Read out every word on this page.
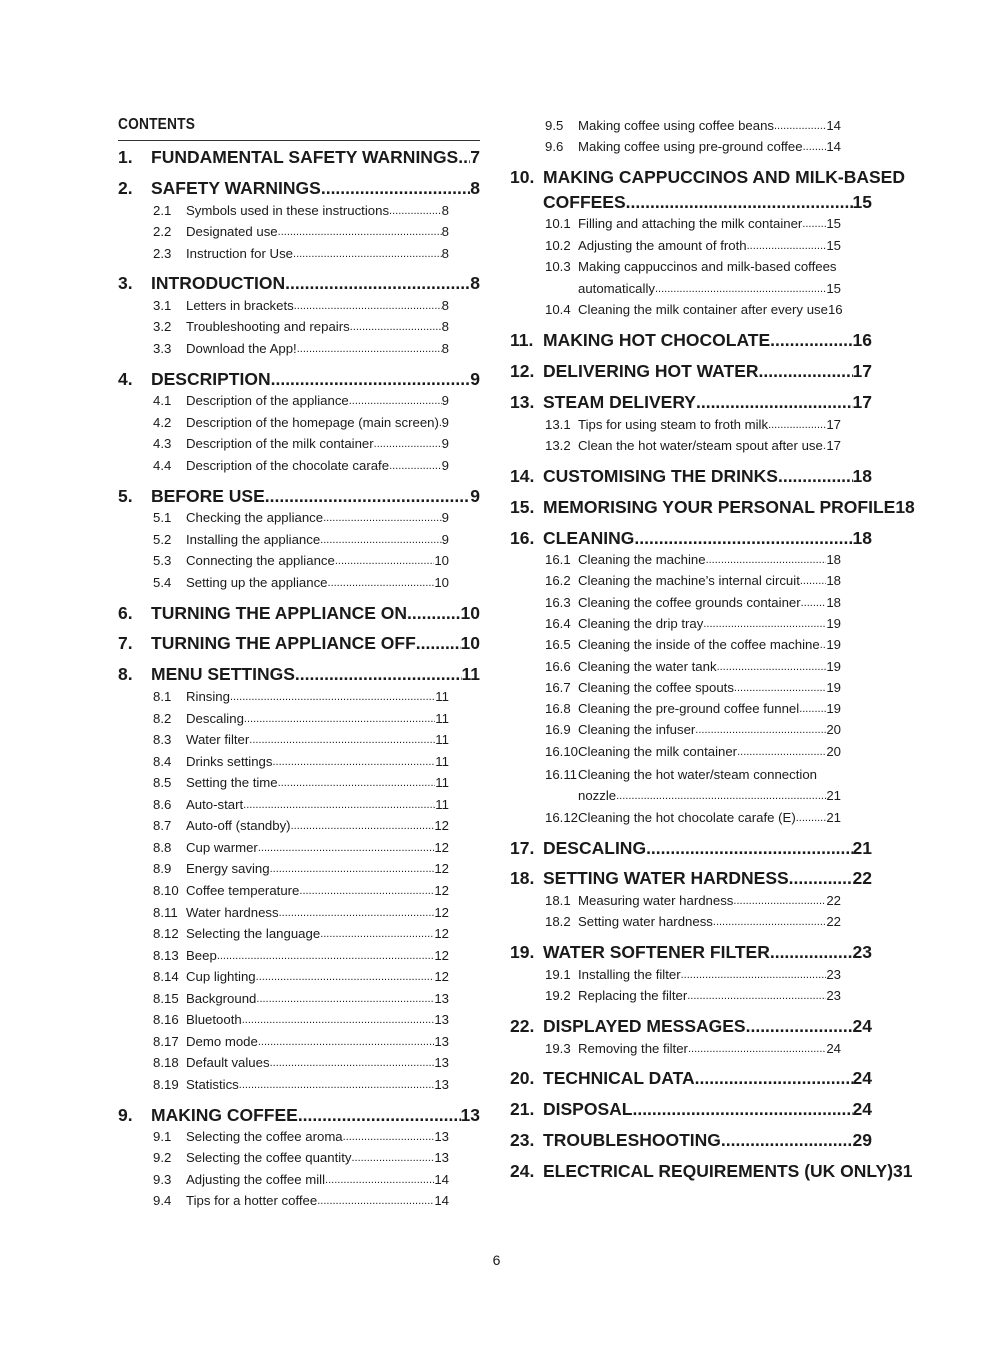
CONTENTS
1. FUNDAMENTAL SAFETY WARNINGS ..... 7
2. SAFETY WARNINGS .....	8
2.1 Symbols used in these instructions .....	8
2.2 Designated use .....	8
2.3 Instruction for Use .....	8
3. INTRODUCTION .....	8
3.1 Letters in brackets .....	8
3.2 Troubleshooting and repairs .....	8
3.3 Download the App! .....	8
4. DESCRIPTION .....	9
4.1 Description of the appliance .....	9
4.2 Description of the homepage (main screen) ..... 9
4.3 Description of the milk container .....	9
4.4 Description of the chocolate carafe .....	9
5. BEFORE USE .....	9
5.1 Checking the appliance .....	9
5.2 Installing the appliance .....	9
5.3 Connecting the appliance .....	10
5.4 Setting up the appliance .....	10
6. TURNING THE APPLIANCE ON .....	10
7. TURNING THE APPLIANCE OFF .....	10
8. MENU SETTINGS .....	11
8.1 Rinsing .....	11
8.2 Descaling .....	11
8.3 Water filter .....	11
8.4 Drinks settings .....	11
8.5 Setting the time .....	11
8.6 Auto-start .....	11
8.7 Auto-off (standby) .....	12
8.8 Cup warmer .....	12
8.9 Energy saving .....	12
8.10 Coffee temperature .....	12
8.11 Water hardness .....	12
8.12 Selecting the language .....	12
8.13 Beep .....	12
8.14 Cup lighting .....	12
8.15 Background .....	13
8.16 Bluetooth .....	13
8.17 Demo mode .....	13
8.18 Default values .....	13
8.19 Statistics .....	13
9. MAKING COFFEE .....	13
9.1 Selecting the coffee aroma .....	13
9.2 Selecting the coffee quantity .....	13
9.3 Adjusting the coffee mill .....	14
9.4 Tips for a hotter coffee .....	14
9.5 Making coffee using coffee beans .....	14
9.6 Making coffee using pre-ground coffee ..... 14
10. MAKING CAPPUCCINOS AND MILK-BASED
COFFEES .....	15
10.1 Filling and attaching the milk container ..... 15
10.2 Adjusting the amount of froth .....	15
10.3 Making cappuccinos and milk-based coffees
automatically .....	15
10.4 Cleaning the milk container after every use 16
11. MAKING HOT CHOCOLATE .....	16
12. DELIVERING HOT WATER .....	17
13. STEAM DELIVERY .....	17
13.1 Tips for using steam to froth milk .....	17
13.2 Clean the hot water/steam spout after use ..... 17
14. CUSTOMISING THE DRINKS .....	18
15. MEMORISING YOUR PERSONAL PROFILE 18
16. CLEANING .....	18
16.1 Cleaning the machine .....	18
16.2 Cleaning the machine’s internal circuit ..... 18
16.3 Cleaning the coffee grounds container ..... 18
16.4 Cleaning the drip tray .....	19
16.5 Cleaning the inside of the coffee machine ..... 19
16.6 Cleaning the water tank .....	19
16.7 Cleaning the coffee spouts .....	19
16.8 Cleaning the pre-ground coffee funnel ..... 19
16.9 Cleaning the infuser .....	20
16.10 Cleaning the milk container .....	20
16.11 Cleaning the hot water/steam connection
nozzle .....	21
16.12 Cleaning the hot chocolate carafe (E) ..... 21
17. DESCALING .....	21
18. SETTING WATER HARDNESS .....	22
18.1 Measuring water hardness .....	22
18.2 Setting water hardness .....	22
19. WATER SOFTENER FILTER .....	23
19.1 Installing the filter .....	23
19.2 Replacing the filter .....	23
22. DISPLAYED MESSAGES .....	24
19.3 Removing the filter .....	24
20. TECHNICAL DATA .....	24
21. DISPOSAL .....	24
23. TROUBLESHOOTING .....	29
24. ELECTRICAL REQUIREMENTS (UK ONLY) 31
6
